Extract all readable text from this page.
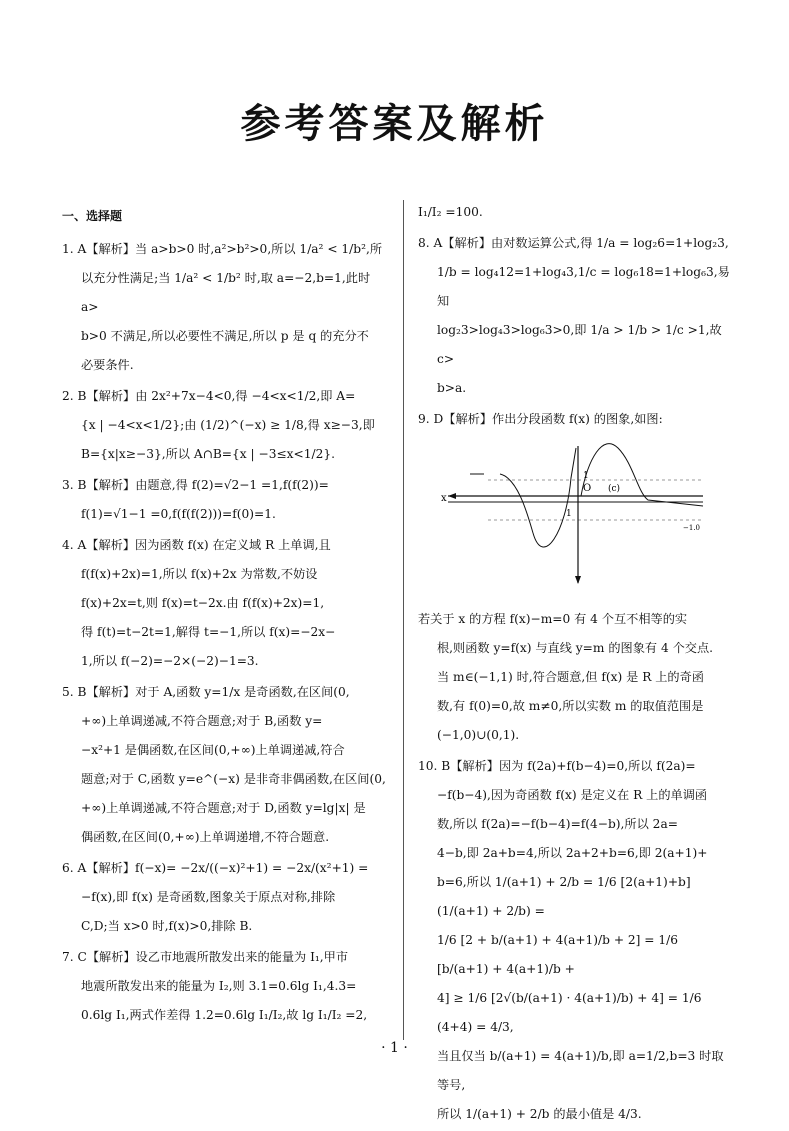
参考答案及解析
一、选择题

1. A【解析】当 a>b>0 时,a²>b²>0,所以 1/a² < 1/b²,所

以充分性满足;当 1/a² < 1/b² 时,取 a=−2,b=1,此时 a>

b>0 不满足,所以必要性不满足,所以 p 是 q 的充分不

必要条件.

2. B【解析】由 2x²+7x−4<0,得 −4<x<1/2,即 A=

{x | −4<x<1/2};由 (1/2)^(−x) ≥ 1/8,得 x≥−3,即

B={x|x≥−3},所以 A∩B={x | −3≤x<1/2}.

3. B【解析】由题意,得 f(2)=√2−1 =1,f(f(2))=

f(1)=√1−1 =0,f(f(f(2)))=f(0)=1.

4. A【解析】因为函数 f(x) 在定义域 R 上单调,且

f(f(x)+2x)=1,所以 f(x)+2x 为常数,不妨设

f(x)+2x=t,则 f(x)=t−2x.由 f(f(x)+2x)=1,

得 f(t)=t−2t=1,解得 t=−1,所以 f(x)=−2x−

1,所以 f(−2)=−2×(−2)−1=3.

5. B【解析】对于 A,函数 y=1/x 是奇函数,在区间(0,

+∞)上单调递减,不符合题意;对于 B,函数 y=

−x²+1 是偶函数,在区间(0,+∞)上单调递减,符合

题意;对于 C,函数 y=e^(−x) 是非奇非偶函数,在区间(0,

+∞)上单调递减,不符合题意;对于 D,函数 y=lg|x| 是

偶函数,在区间(0,+∞)上单调递增,不符合题意.

6. A【解析】f(−x)= −2x/((−x)²+1) = −2x/(x²+1) =

−f(x),即 f(x) 是奇函数,图象关于原点对称,排除

C,D;当 x>0 时,f(x)>0,排除 B.

7. C【解析】设乙市地震所散发出来的能量为 I₁,甲市

地震所散发出来的能量为 I₂,则 3.1=0.6lg I₁,4.3=

0.6lg I₁,两式作差得 1.2=0.6lg I₁/I₂,故 lg I₁/I₂ =2,

I₁/I₂ =100.

8. A【解析】由对数运算公式,得 1/a = log₂6=1+log₂3,

1/b = log₄12=1+log₄3,1/c = log₆18=1+log₆3,易知

log₂3>log₄3>log₆3>0,即 1/a > 1/b > 1/c >1,故 c>

b>a.

9. D【解析】作出分段函数 f(x) 的图象,如图:

x
1
O
1
(c)
−1.0

若关于 x 的方程 f(x)−m=0 有 4 个互不相等的实

根,则函数 y=f(x) 与直线 y=m 的图象有 4 个交点.

当 m∈(−1,1) 时,符合题意,但 f(x) 是 R 上的奇函

数,有 f(0)=0,故 m≠0,所以实数 m 的取值范围是

(−1,0)∪(0,1).

10. B【解析】因为 f(2a)+f(b−4)=0,所以 f(2a)=

−f(b−4),因为奇函数 f(x) 是定义在 R 上的单调函

数,所以 f(2a)=−f(b−4)=f(4−b),所以 2a=

4−b,即 2a+b=4,所以 2a+2+b=6,即 2(a+1)+

b=6,所以 1/(a+1) + 2/b = 1/6 [2(a+1)+b](1/(a+1) + 2/b) =

1/6 [2 + b/(a+1) + 4(a+1)/b + 2] = 1/6 [b/(a+1) + 4(a+1)/b +

4] ≥ 1/6 [2√(b/(a+1) · 4(a+1)/b) + 4] = 1/6 (4+4) = 4/3,

当且仅当 b/(a+1) = 4(a+1)/b,即 a=1/2,b=3 时取等号,

所以 1/(a+1) + 2/b 的最小值是 4/3.

· 1 ·
